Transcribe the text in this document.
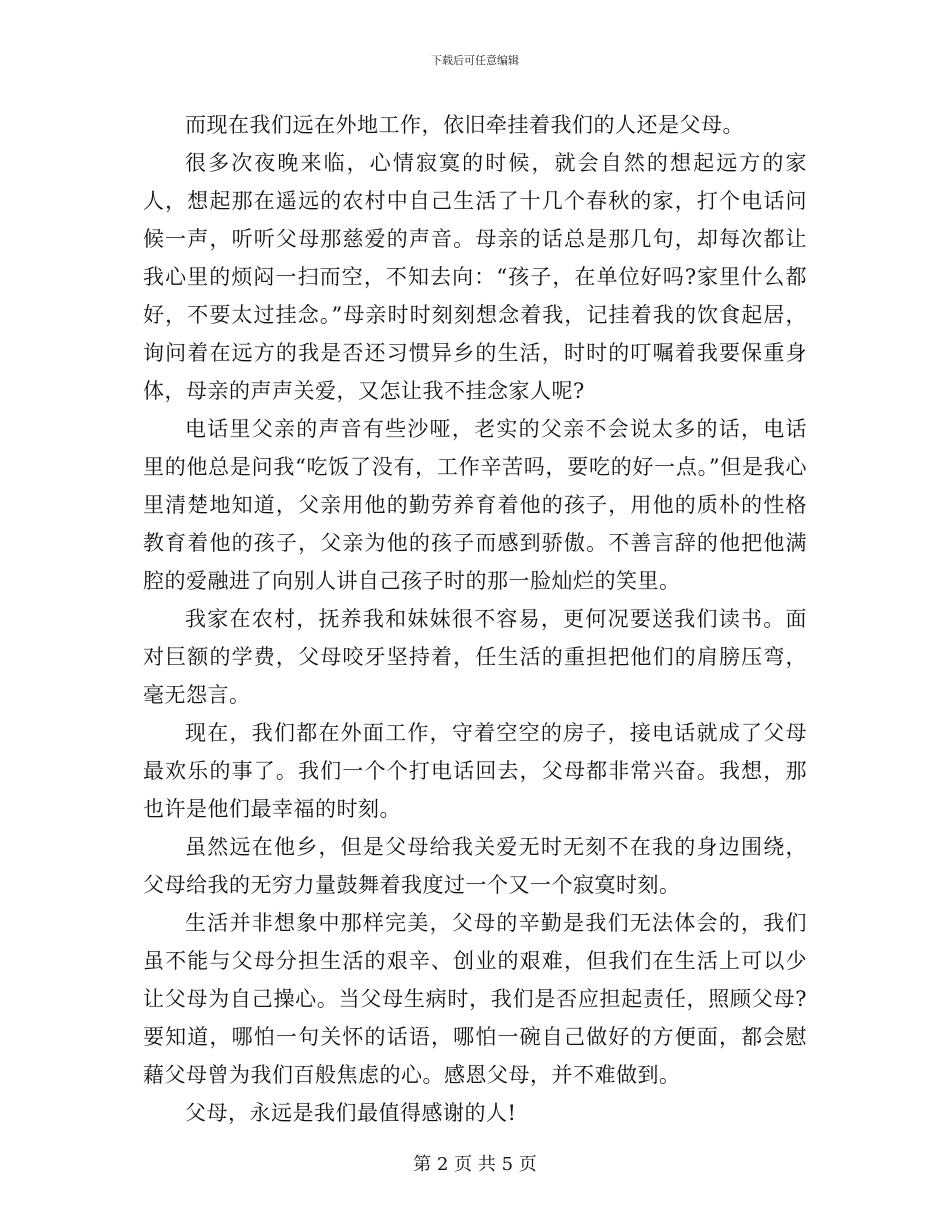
下载后可任意编辑

而现在我们远在外地工作，依旧牵挂着我们的人还是父母。

很多次夜晚来临，心情寂寞的时候，就会自然的想起远方的家人，想起那在遥远的农村中自己生活了十几个春秋的家，打个电话问候一声，听听父母那慈爱的声音。母亲的话总是那几句，却每次都让我心里的烦闷一扫而空，不知去向：“孩子，在单位好吗?家里什么都好，不要太过挂念。”母亲时时刻刻想念着我，记挂着我的饮食起居，询问着在远方的我是否还习惯异乡的生活，时时的叮嘱着我要保重身体，母亲的声声关爱，又怎让我不挂念家人呢?

电话里父亲的声音有些沙哑，老实的父亲不会说太多的话，电话里的他总是问我“吃饭了没有，工作辛苦吗，要吃的好一点。”但是我心里清楚地知道，父亲用他的勤劳养育着他的孩子，用他的质朴的性格教育着他的孩子，父亲为他的孩子而感到骄傲。不善言辞的他把他满腔的爱融进了向别人讲自己孩子时的那一脸灿烂的笑里。

我家在农村，抚养我和妹妹很不容易，更何况要送我们读书。面对巨额的学费，父母咬牙坚持着，任生活的重担把他们的肩膀压弯，毫无怨言。

现在，我们都在外面工作，守着空空的房子，接电话就成了父母最欢乐的事了。我们一个个打电话回去，父母都非常兴奋。我想，那也许是他们最幸福的时刻。

虽然远在他乡，但是父母给我关爱无时无刻不在我的身边围绕，父母给我的无穷力量鼓舞着我度过一个又一个寂寞时刻。

生活并非想象中那样完美，父母的辛勤是我们无法体会的，我们虽不能与父母分担生活的艰辛、创业的艰难，但我们在生活上可以少让父母为自己操心。当父母生病时，我们是否应担起责任，照顾父母?要知道，哪怕一句关怀的话语，哪怕一碗自己做好的方便面，都会慰藉父母曾为我们百般焦虑的心。感恩父母，并不难做到。

父母，永远是我们最值得感谢的人!

第 2 页 共 5 页
